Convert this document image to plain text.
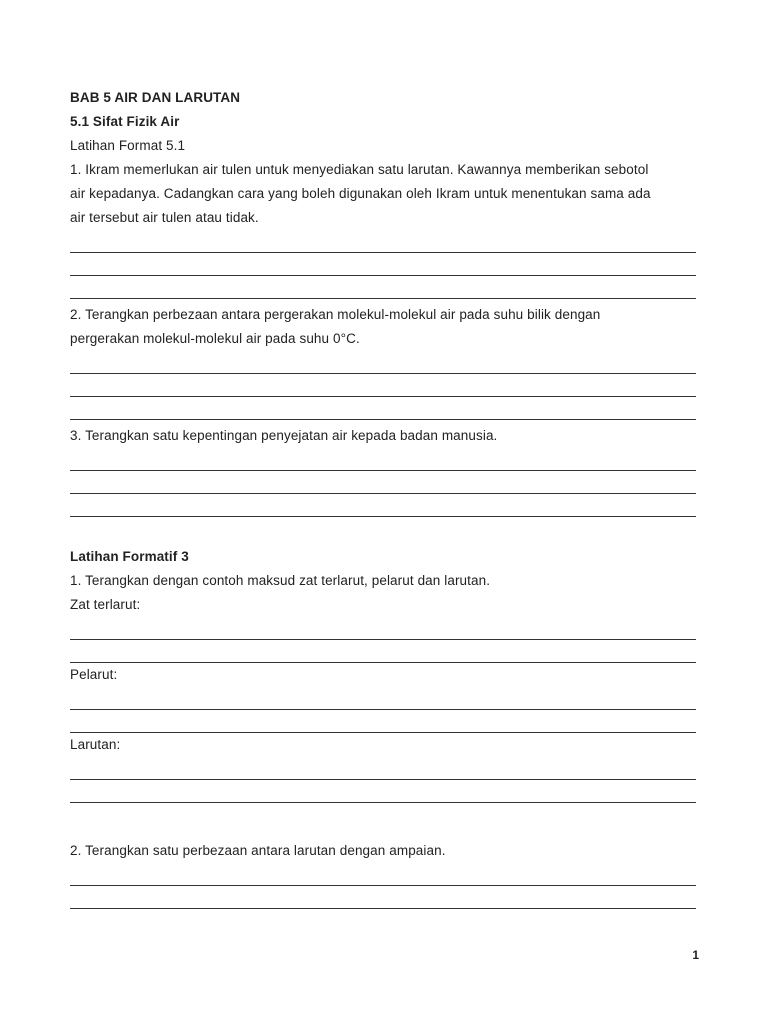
BAB 5 AIR DAN LARUTAN
5.1 Sifat Fizik Air
Latihan Format 5.1
1. Ikram memerlukan air tulen untuk menyediakan satu larutan. Kawannya memberikan sebotol
air kepadanya. Cadangkan cara yang boleh digunakan oleh Ikram untuk menentukan sama ada
air tersebut air tulen atau tidak.
2. Terangkan perbezaan antara pergerakan molekul-molekul air pada suhu bilik dengan
pergerakan molekul-molekul air pada suhu 0°C.
3. Terangkan satu kepentingan penyejatan air kepada badan manusia.
Latihan Formatif 3
1. Terangkan dengan contoh maksud zat terlarut, pelarut dan larutan.
Zat terlarut:
Pelarut:
Larutan:
2. Terangkan satu perbezaan antara larutan dengan ampaian.
1
